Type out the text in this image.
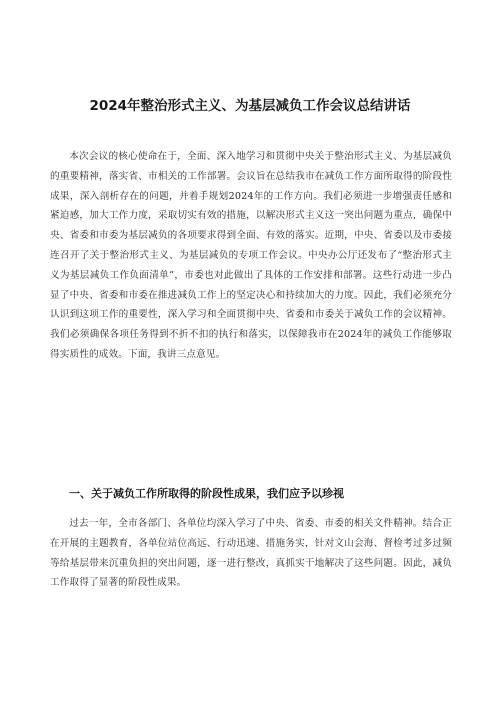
2024年整治形式主义、为基层减负工作会议总结讲话

本次会议的核心使命在于，全面、深入地学习和贯彻中央关于整治形式主义、为基层减负的重要精神，落实省、市相关的工作部署。会议旨在总结我市在减负工作方面所取得的阶段性成果，深入剖析存在的问题，并着手规划2024年的工作方向。我们必须进一步增强责任感和紧迫感，加大工作力度，采取切实有效的措施，以解决形式主义这一突出问题为重点，确保中央、省委和市委为基层减负的各项要求得到全面、有效的落实。近期，中央、省委以及市委接连召开了关于整治形式主义、为基层减负的专项工作会议。中央办公厅还发布了“整治形式主义为基层减负工作负面清单”，市委也对此做出了具体的工作安排和部署。这些行动进一步凸显了中央、省委和市委在推进减负工作上的坚定决心和持续加大的力度。因此，我们必须充分认识到这项工作的重要性，深入学习和全面贯彻中央、省委和市委关于减负工作的会议精神。我们必须确保各项任务得到不折不扣的执行和落实，以保障我市在2024年的减负工作能够取得实质性的成效。下面，我讲三点意见。

一、关于减负工作所取得的阶段性成果，我们应予以珍视

过去一年，全市各部门、各单位均深入学习了中央、省委、市委的相关文件精神。结合正在开展的主题教育，各单位站位高远、行动迅速、措施务实，针对文山会海、督检考过多过频等给基层带来沉重负担的突出问题，逐一进行整改，真抓实干地解决了这些问题。因此，减负工作取得了显著的阶段性成果。
